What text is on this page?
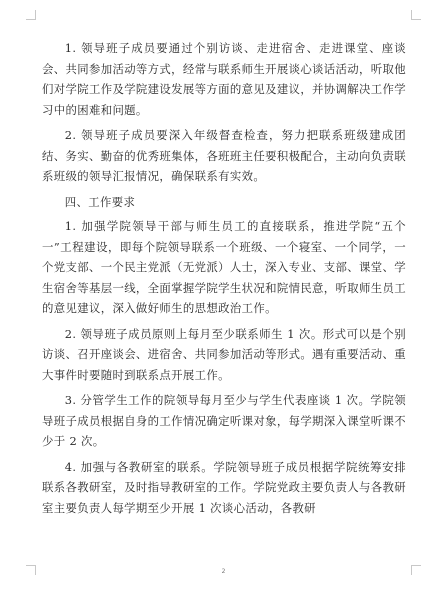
1. 领导班子成员要通过个别访谈、走进宿舍、走进课堂、座谈会、共同参加活动等方式，经常与联系师生开展谈心谈话活动，听取他们对学院工作及学院建设发展等方面的意见及建议，并协调解决工作学习中的困难和问题。

2. 领导班子成员要深入年级督查检查，努力把联系班级建成团结、务实、勤奋的优秀班集体，各班班主任要积极配合，主动向负责联系班级的领导汇报情况，确保联系有实效。

四、工作要求

1. 加强学院领导干部与师生员工的直接联系，推进学院“五个一”工程建设，即每个院领导联系一个班级、一个寝室、一个同学，一个党支部、一个民主党派（无党派）人士，深入专业、支部、课堂、学生宿舍等基层一线，全面掌握学院学生状况和院情民意，听取师生员工的意见建议，深入做好师生的思想政治工作。

2. 领导班子成员原则上每月至少联系师生 1 次。形式可以是个别访谈、召开座谈会、进宿舍、共同参加活动等形式。遇有重要活动、重大事件时要随时到联系点开展工作。

3. 分管学生工作的院领导每月至少与学生代表座谈 1 次。学院领导班子成员根据自身的工作情况确定听课对象，每学期深入课堂听课不少于 2 次。

4. 加强与各教研室的联系。学院领导班子成员根据学院统筹安排联系各教研室，及时指导教研室的工作。学院党政主要负责人与各教研室主要负责人每学期至少开展 1 次谈心活动，各教研

2
